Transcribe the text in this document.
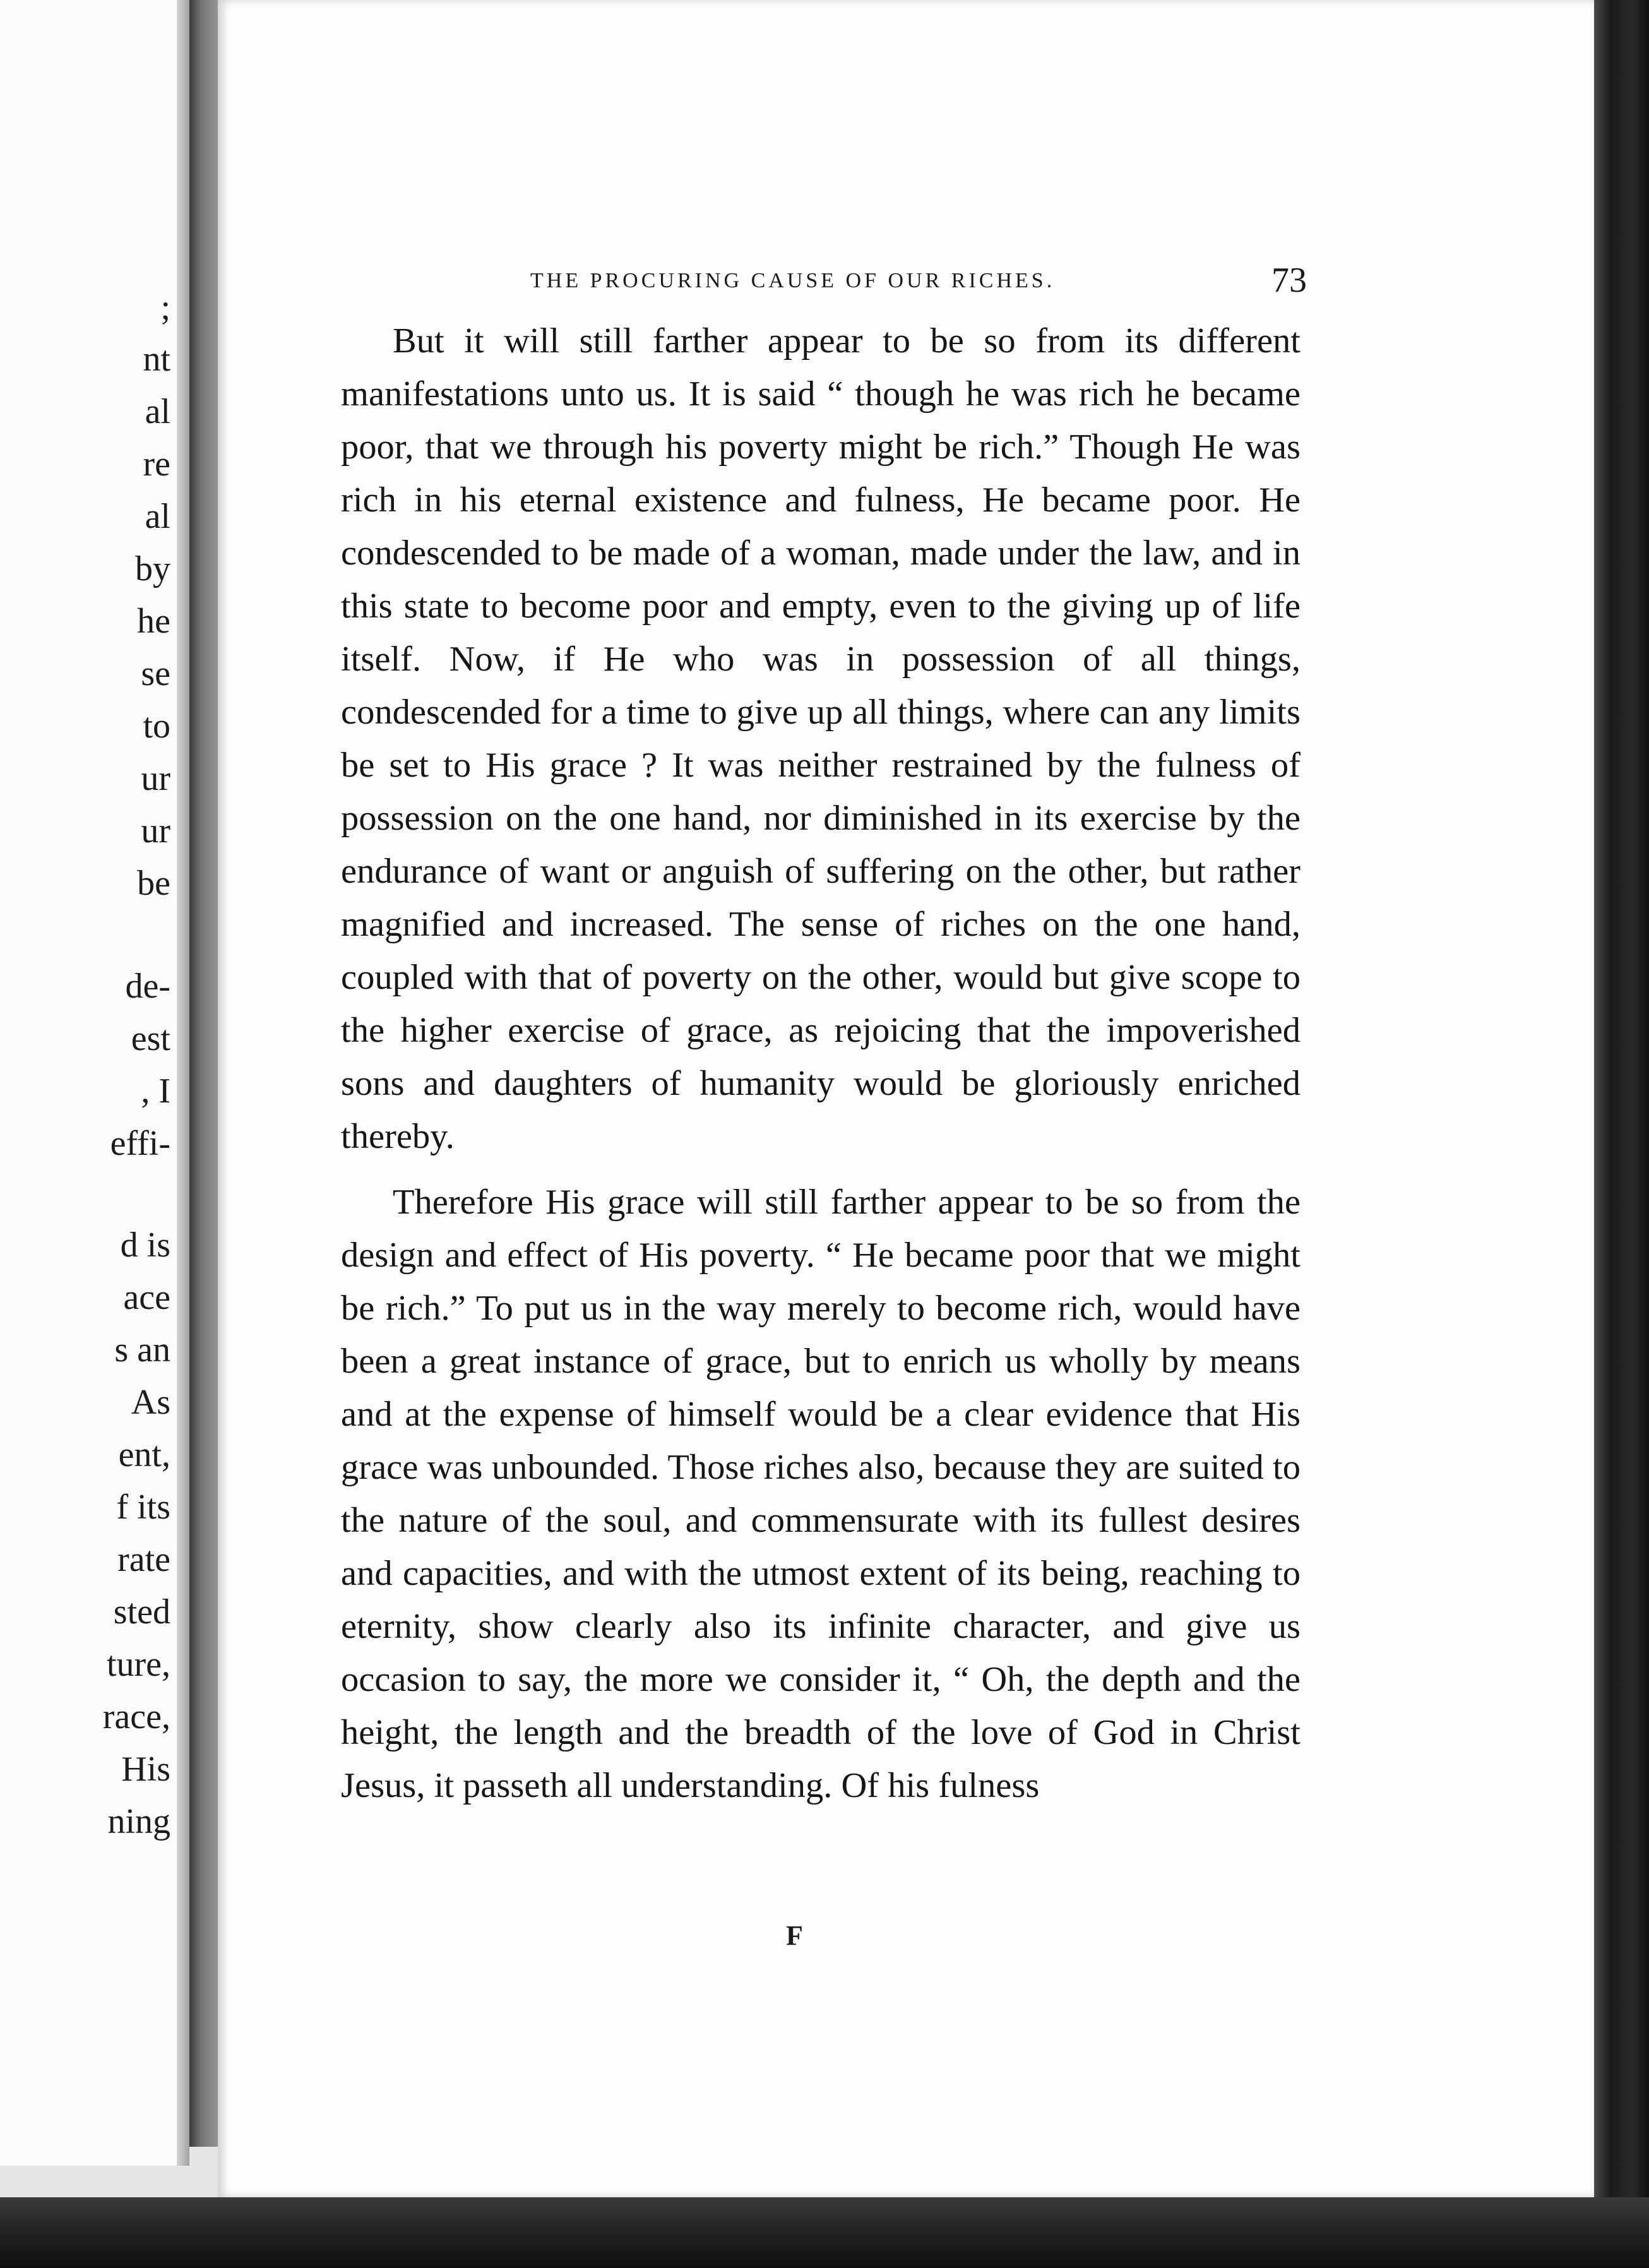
;
nt
al
re
al
by
he
se
to
ur
ur
be
de-
est
, I
effi-
d is
ace
s an
As
ent,
f its
rate
sted
ture,
race,
His
ning
THE PROCURING CAUSE OF OUR RICHES.	73

But it will still farther appear to be so from its different manifestations unto us. It is said “ though he was rich he became poor, that we through his poverty might be rich.” Though He was rich in his eternal existence and fulness, He became poor. He condescended to be made of a woman, made under the law, and in this state to become poor and empty, even to the giving up of life itself. Now, if He who was in possession of all things, condescended for a time to give up all things, where can any limits be set to His grace ? It was neither restrained by the fulness of possession on the one hand, nor diminished in its exercise by the endurance of want or anguish of suffering on the other, but rather magnified and increased. The sense of riches on the one hand, coupled with that of poverty on the other, would but give scope to the higher exercise of grace, as rejoicing that the impoverished sons and daughters of humanity would be gloriously enriched thereby.

Therefore His grace will still farther appear to be so from the design and effect of His poverty. “ He became poor that we might be rich.” To put us in the way merely to become rich, would have been a great instance of grace, but to enrich us wholly by means and at the expense of himself would be a clear evidence that His grace was unbounded. Those riches also, because they are suited to the nature of the soul, and commensurate with its fullest desires and capacities, and with the utmost extent of its being, reaching to eternity, show clearly also its infinite character, and give us occasion to say, the more we consider it, “ Oh, the depth and the height, the length and the breadth of the love of God in Christ Jesus, it passeth all understanding. Of his fulness

F
